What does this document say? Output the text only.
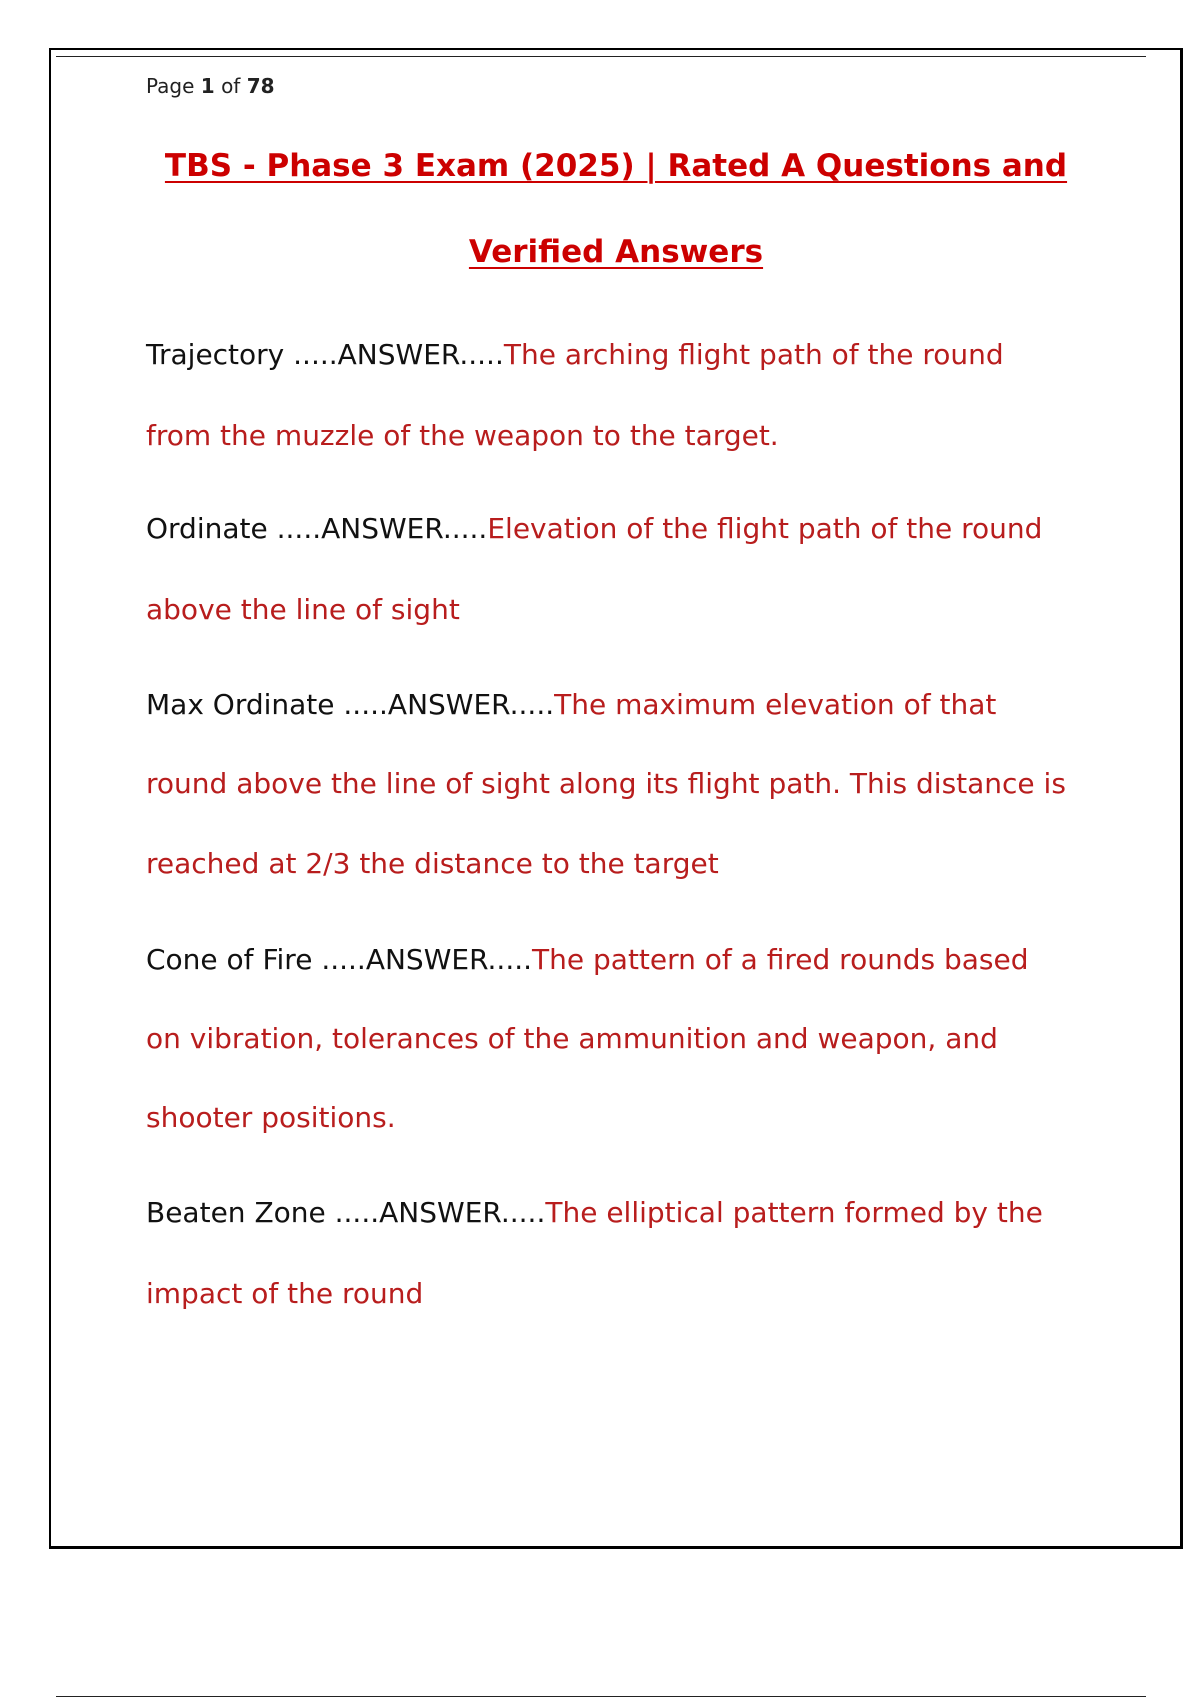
Page 1 of 78
TBS - Phase 3 Exam (2025) | Rated A Questions and
Verified Answers
Trajectory .....ANSWER.....The arching flight path of the round
from the muzzle of the weapon to the target.
Ordinate .....ANSWER.....Elevation of the flight path of the round
above the line of sight
Max Ordinate .....ANSWER.....The maximum elevation of that
round above the line of sight along its flight path. This distance is
reached at 2/3 the distance to the target
Cone of Fire .....ANSWER.....The pattern of a fired rounds based
on vibration, tolerances of the ammunition and weapon, and
shooter positions.
Beaten Zone .....ANSWER.....The elliptical pattern formed by the
impact of the round
